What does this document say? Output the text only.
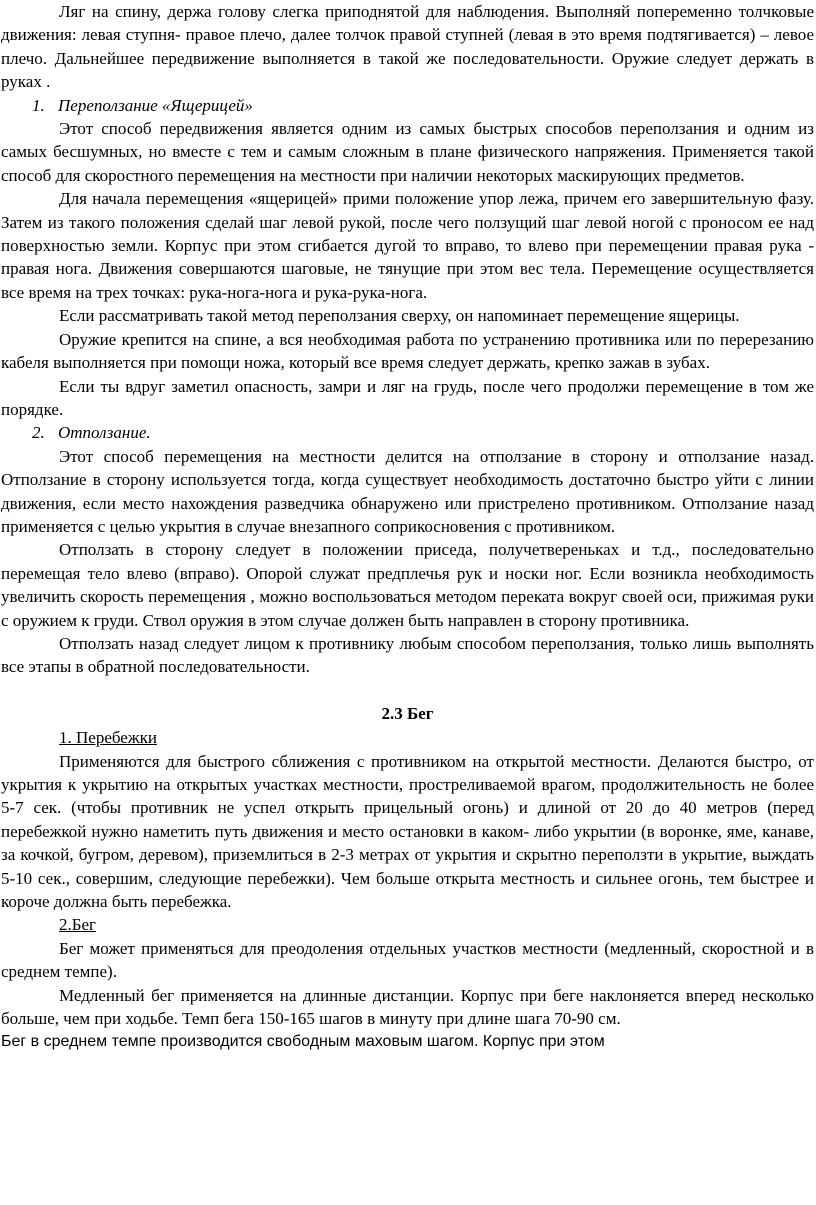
Ляг на спину, держа голову слегка приподнятой для наблюдения. Выполняй попеременно толчковые движения: левая ступня- правое плечо, далее толчок правой ступней (левая в это время подтягивается) – левое плечо. Дальнейшее передвижение выполняется в такой же последовательности. Оружие следует держать в руках .

1. Переползание «Ящерицей»

Этот способ передвижения является одним из самых быстрых способов переползания и одним из самых бесшумных, но вместе с тем и самым сложным в плане физического напряжения. Применяется такой способ для скоростного перемещения на местности при наличии некоторых маскирующих предметов.

Для начала перемещения «ящерицей» прими положение упор лежа, причем его завершительную фазу. Затем из такого положения сделай шаг левой рукой, после чего ползущий шаг левой ногой с проносом ее над поверхностью земли. Корпус при этом сгибается дугой то вправо, то влево при перемещении правая рука - правая нога. Движения совершаются шаговые, не тянущие при этом вес тела. Перемещение осуществляется все время на трех точках: рука-нога-нога и рука-рука-нога.

Если рассматривать такой метод переползания сверху, он напоминает перемещение ящерицы.

Оружие крепится на спине, а вся необходимая работа по устранению противника или по перерезанию кабеля выполняется при помощи ножа, который все время следует держать, крепко зажав в зубах.

Если ты вдруг заметил опасность, замри и ляг на грудь, после чего продолжи перемещение в том же порядке.

2. Отползание.

Этот способ перемещения на местности делится на отползание в сторону и отползание назад. Отползание в сторону используется тогда, когда существует необходимость достаточно быстро уйти с линии движения, если место нахождения разведчика обнаружено или пристрелено противником. Отползание назад применяется с целью укрытия в случае внезапного соприкосновения с противником.

Отползать в сторону следует в положении приседа, получетвереньках и т.д., последовательно перемещая тело влево (вправо). Опорой служат предплечья рук и носки ног. Если возникла необходимость увеличить скорость перемещения , можно воспользоваться методом переката вокруг своей оси, прижимая руки с оружием к груди. Ствол оружия в этом случае должен быть направлен в сторону противника.

Отползать назад следует лицом к противнику любым способом переползания, только лишь выполнять все этапы в обратной последовательности.

2.3 Бег

1. Перебежки

Применяются для быстрого сближения с противником на открытой местности. Делаются быстро, от укрытия к укрытию на открытых участках местности, простреливаемой врагом, продолжительность не более 5-7 сек. (чтобы противник не успел открыть прицельный огонь) и длиной от 20 до 40 метров (перед перебежкой нужно наметить путь движения и место остановки в каком- либо укрытии (в воронке, яме, канаве, за кочкой, бугром, деревом), приземлиться в 2-3 метрах от укрытия и скрытно переползти в укрытие, выждать 5-10 сек., совершим, следующие перебежки). Чем больше открыта местность и сильнее огонь, тем быстрее и короче должна быть перебежка.

2.Бег

Бег может применяться для преодоления отдельных участков местности (медленный, скоростной и в среднем темпе).

Медленный бег применяется на длинные дистанции. Корпус при беге наклоняется вперед несколько больше, чем при ходьбе. Темп бега 150-165 шагов в минуту при длине шага 70-90 см.

Бег в среднем темпе производится свободным маховым шагом. Корпус при этом
